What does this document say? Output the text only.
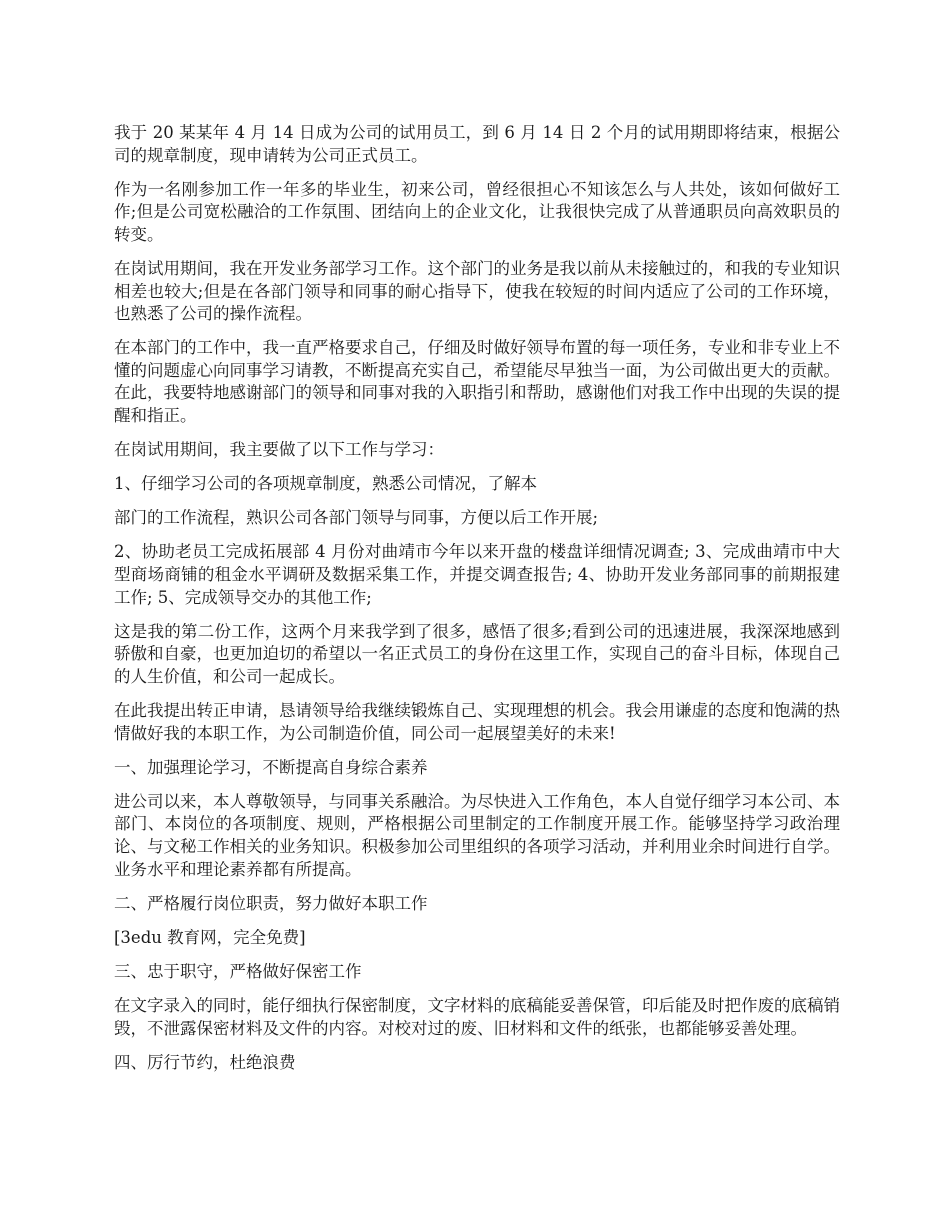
我于 20 某某年 4 月 14 日成为公司的试用员工，到 6 月 14 日 2 个月的试用期即将结束，根据公司的规章制度，现申请转为公司正式员工。

作为一名刚参加工作一年多的毕业生，初来公司，曾经很担心不知该怎么与人共处，该如何做好工作;但是公司宽松融洽的工作氛围、团结向上的企业文化，让我很快完成了从普通职员向高效职员的转变。

在岗试用期间，我在开发业务部学习工作。这个部门的业务是我以前从未接触过的，和我的专业知识相差也较大;但是在各部门领导和同事的耐心指导下，使我在较短的时间内适应了公司的工作环境，也熟悉了公司的操作流程。

在本部门的工作中，我一直严格要求自己，仔细及时做好领导布置的每一项任务，专业和非专业上不懂的问题虚心向同事学习请教，不断提高充实自己，希望能尽早独当一面，为公司做出更大的贡献。在此，我要特地感谢部门的领导和同事对我的入职指引和帮助，感谢他们对我工作中出现的失误的提醒和指正。

在岗试用期间，我主要做了以下工作与学习：

1、仔细学习公司的各项规章制度，熟悉公司情况，了解本

部门的工作流程，熟识公司各部门领导与同事，方便以后工作开展;

2、协助老员工完成拓展部 4 月份对曲靖市今年以来开盘的楼盘详细情况调查; 3、完成曲靖市中大型商场商铺的租金水平调研及数据采集工作，并提交调查报告; 4、协助开发业务部同事的前期报建工作; 5、完成领导交办的其他工作;

这是我的第二份工作，这两个月来我学到了很多，感悟了很多;看到公司的迅速进展，我深深地感到骄傲和自豪，也更加迫切的希望以一名正式员工的身份在这里工作，实现自己的奋斗目标，体现自己的人生价值，和公司一起成长。

在此我提出转正申请，恳请领导给我继续锻炼自己、实现理想的机会。我会用谦虚的态度和饱满的热情做好我的本职工作，为公司制造价值，同公司一起展望美好的未来!

一、加强理论学习，不断提高自身综合素养

进公司以来，本人尊敬领导，与同事关系融洽。为尽快进入工作角色，本人自觉仔细学习本公司、本部门、本岗位的各项制度、规则，严格根据公司里制定的工作制度开展工作。能够坚持学习政治理论、与文秘工作相关的业务知识。积极参加公司里组织的各项学习活动，并利用业余时间进行自学。业务水平和理论素养都有所提高。

二、严格履行岗位职责，努力做好本职工作

[3edu 教育网，完全免费]

三、忠于职守，严格做好保密工作

在文字录入的同时，能仔细执行保密制度，文字材料的底稿能妥善保管，印后能及时把作废的底稿销毁，不泄露保密材料及文件的内容。对校对过的废、旧材料和文件的纸张，也都能够妥善处理。

四、厉行节约，杜绝浪费
